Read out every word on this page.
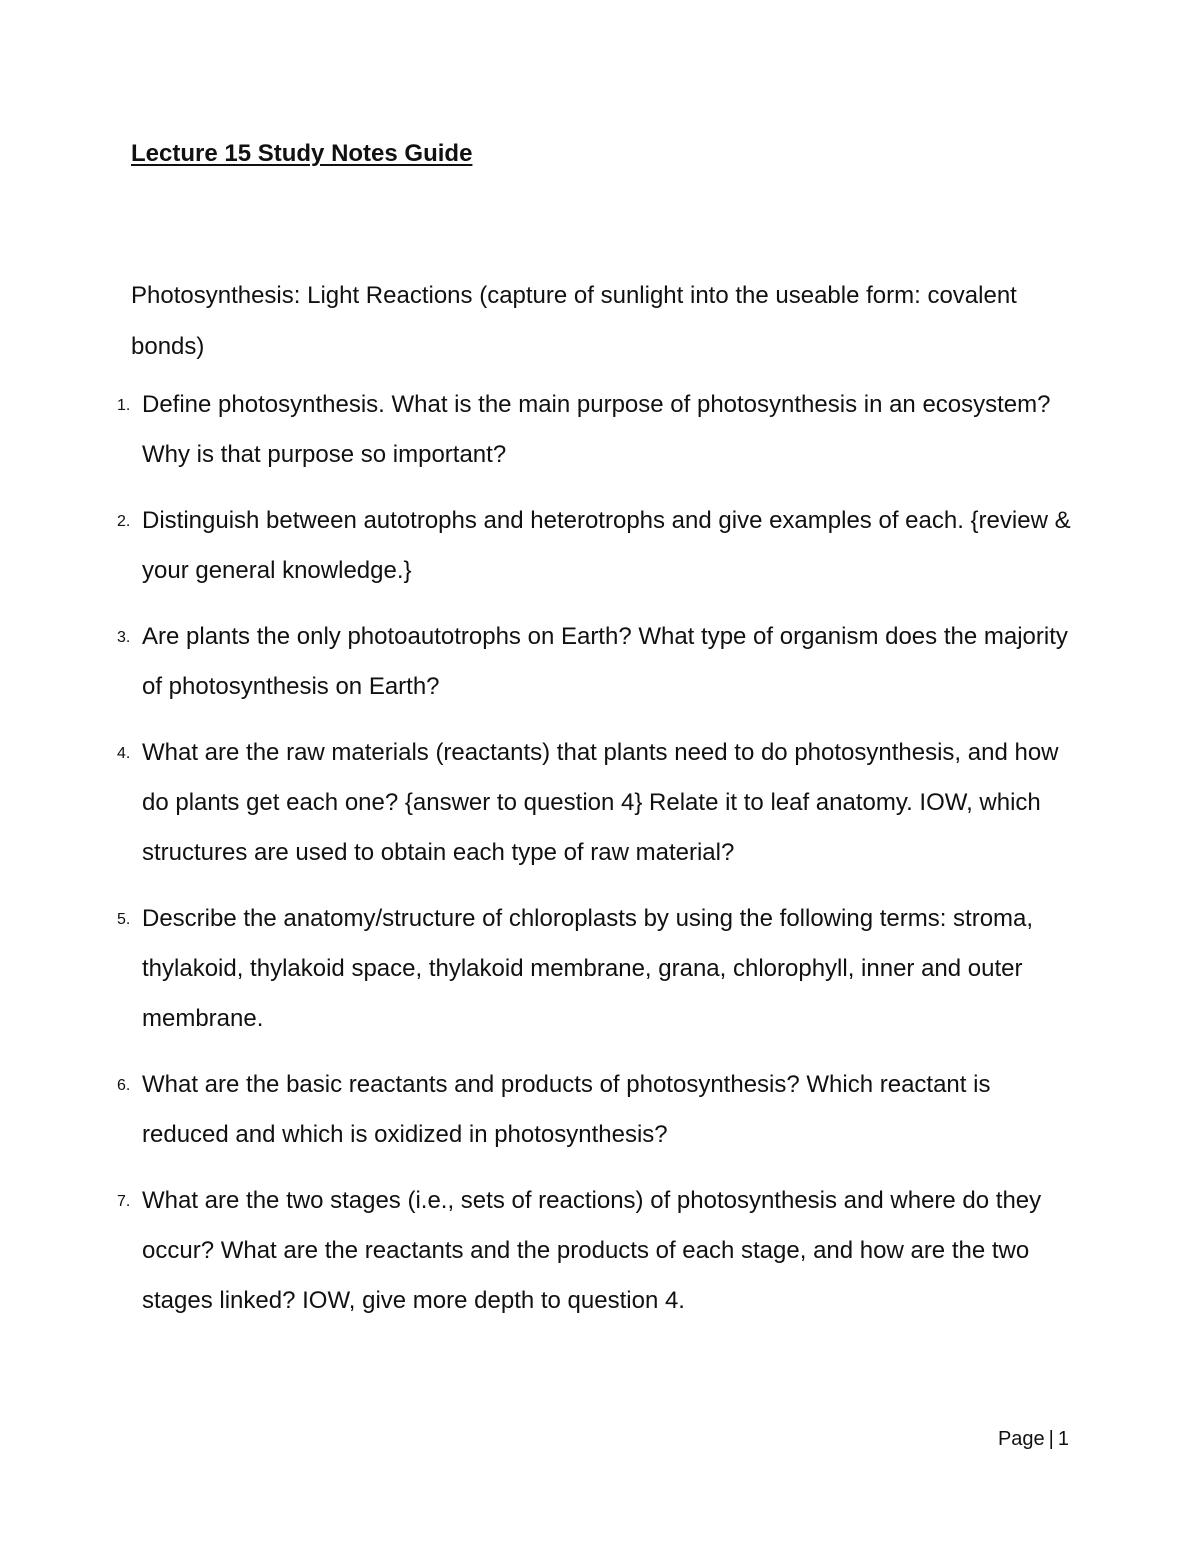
Lecture 15 Study Notes Guide
Photosynthesis: Light Reactions (capture of sunlight into the useable form: covalent bonds)
1. Define photosynthesis. What is the main purpose of photosynthesis in an ecosystem? Why is that purpose so important?
2. Distinguish between autotrophs and heterotrophs and give examples of each. {review & your general knowledge.}
3. Are plants the only photoautotrophs on Earth? What type of organism does the majority of photosynthesis on Earth?
4. What are the raw materials (reactants) that plants need to do photosynthesis, and how do plants get each one? {answer to question 4} Relate it to leaf anatomy. IOW, which structures are used to obtain each type of raw material?
5. Describe the anatomy/structure of chloroplasts by using the following terms: stroma, thylakoid, thylakoid space, thylakoid membrane, grana, chlorophyll, inner and outer membrane.
6. What are the basic reactants and products of photosynthesis? Which reactant is reduced and which is oxidized in photosynthesis?
7. What are the two stages (i.e., sets of reactions) of photosynthesis and where do they occur? What are the reactants and the products of each stage, and how are the two stages linked? IOW, give more depth to question 4.
Page | 1
